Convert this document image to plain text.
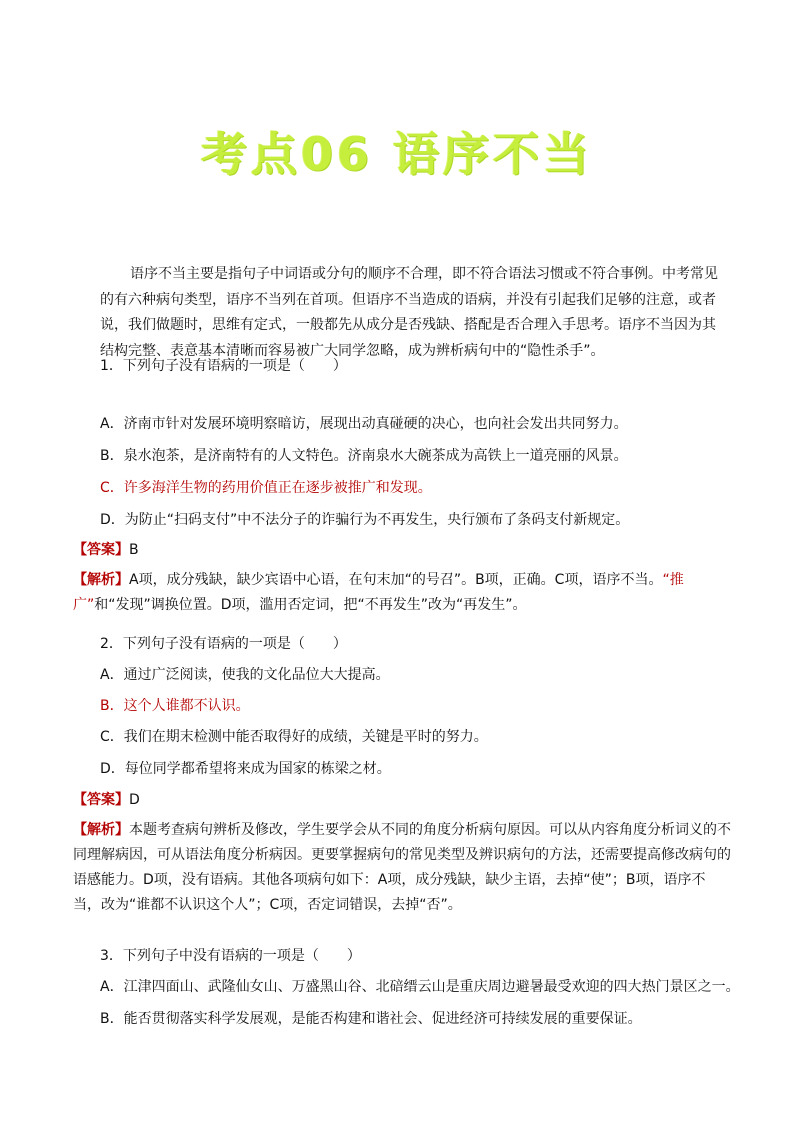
考点06 语序不当

语序不当主要是指句子中词语或分句的顺序不合理，即不符合语法习惯或不符合事例。中考常见的有六种病句类型，语序不当列在首项。但语序不当造成的语病，并没有引起我们足够的注意，或者说，我们做题时，思维有定式，一般都先从成分是否残缺、搭配是否合理入手思考。语序不当因为其结构完整、表意基本清晰而容易被广大同学忽略，成为辨析病句中的“隐性杀手”。

1．下列句子没有语病的一项是（　　）

A．济南市针对发展环境明察暗访，展现出动真碰硬的决心，也向社会发出共同努力。

B．泉水泡茶，是济南特有的人文特色。济南泉水大碗茶成为高铁上一道亮丽的风景。

C．许多海洋生物的药用价值正在逐步被推广和发现。

D．为防止“扫码支付”中不法分子的诈骗行为不再发生，央行颁布了条码支付新规定。

【答案】B

【解析】A项，成分残缺，缺少宾语中心语，在句末加“的号召”。B项，正确。C项，语序不当。“推广”和“发现”调换位置。D项，滥用否定词，把“不再发生”改为“再发生”。

2．下列句子没有语病的一项是（　　）

A．通过广泛阅读，使我的文化品位大大提高。

B．这个人谁都不认识。

C．我们在期末检测中能否取得好的成绩，关键是平时的努力。

D．每位同学都希望将来成为国家的栋梁之材。

【答案】D

【解析】本题考查病句辨析及修改，学生要学会从不同的角度分析病句原因。可以从内容角度分析词义的不同理解病因，可从语法角度分析病因。更要掌握病句的常见类型及辨识病句的方法，还需要提高修改病句的语感能力。D项，没有语病。其他各项病句如下：A项，成分残缺，缺少主语，去掉“使”；B项，语序不当，改为“谁都不认识这个人”；C项，否定词错误，去掉“否”。

3．下列句子中没有语病的一项是（　　）

A．江津四面山、武隆仙女山、万盛黑山谷、北碚缙云山是重庆周边避暑最受欢迎的四大热门景区之一。

B．能否贯彻落实科学发展观，是能否构建和谐社会、促进经济可持续发展的重要保证。
